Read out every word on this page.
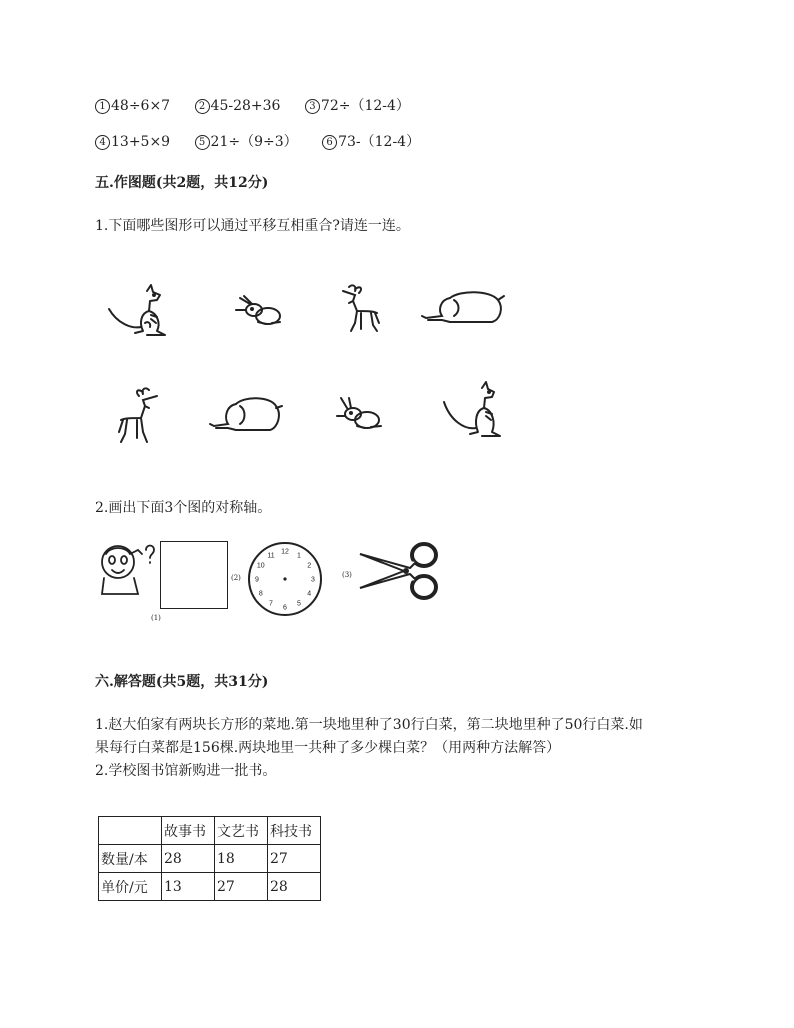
1 48÷6×7	2 45-28+36	3 72÷（12-4）
4 13+5×9	5 21÷（9÷3）	6 73-（12-4）
五.作图题(共2题，共12分)
1.下面哪些图形可以通过平移互相重合?请连一连。
2.画出下面3个图的对称轴。
(1)
(2)
12
1
2
3
4
5
6
7
8
9
10
11
(3)
六.解答题(共5题，共31分)
1.赵大伯家有两块长方形的菜地.第一块地里种了30行白菜，第二块地里种了50行白菜.如
果每行白菜都是156棵.两块地里一共种了多少棵白菜？（用两种方法解答）
2.学校图书馆新购进一批书。
	故事书	文艺书	科技书
数量/本	28	18	27
单价/元	13	27	28
